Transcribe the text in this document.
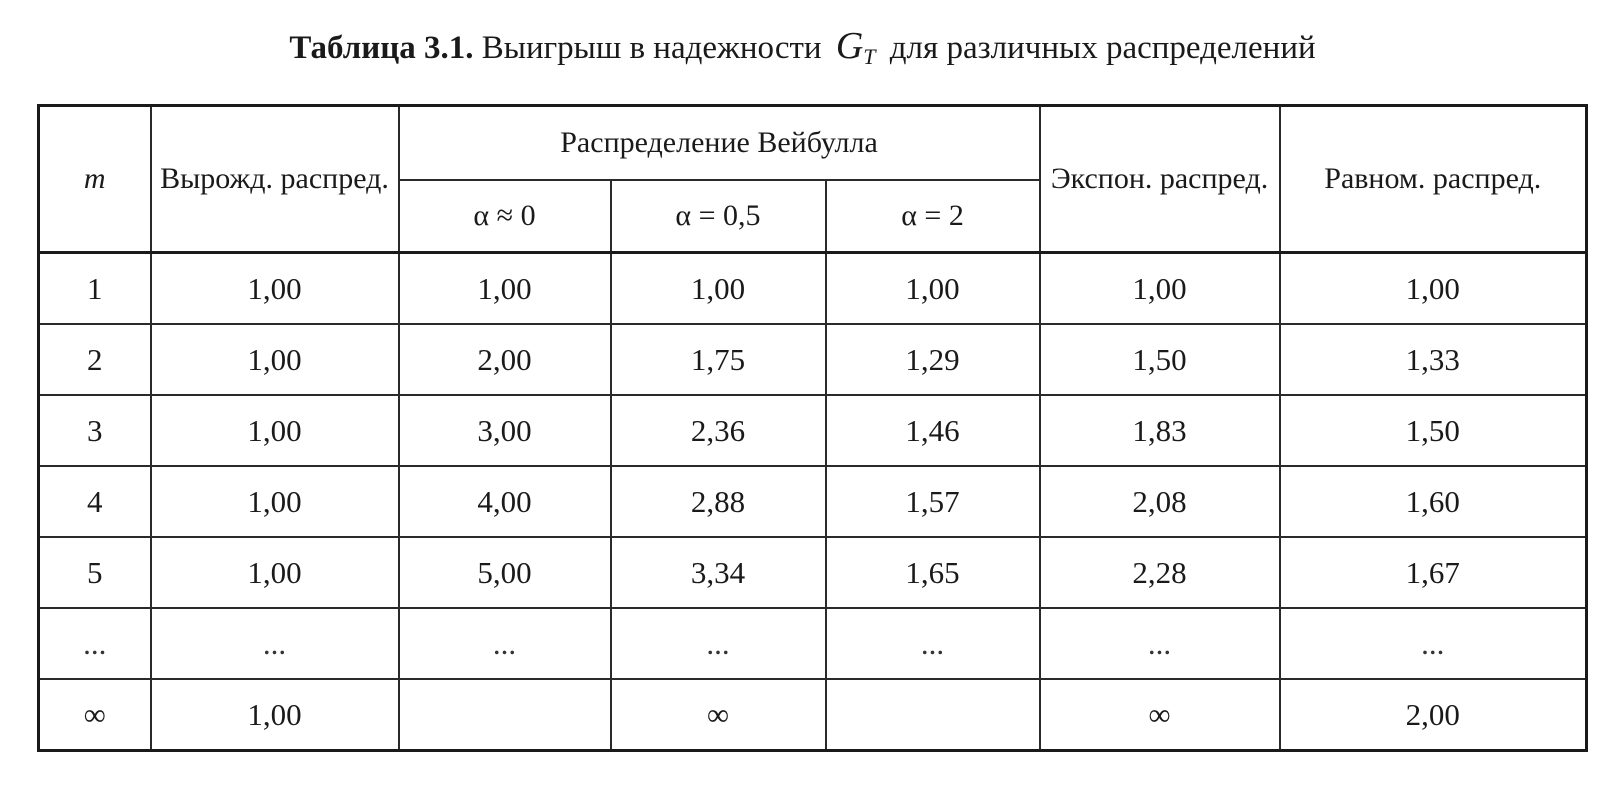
Таблица 3.1. Выигрыш в надежности $G_T$ для различных распределений
m	Вырожд. распред.	Распределение Вейбулла			Экспон. распред.	Равном. распред.
		α ≈ 0	α = 0,5	α = 2		
1	1,00	1,00	1,00	1,00	1,00	1,00
2	1,00	2,00	1,75	1,29	1,50	1,33
3	1,00	3,00	2,36	1,46	1,83	1,50
4	1,00	4,00	2,88	1,57	2,08	1,60
5	1,00	5,00	3,34	1,65	2,28	1,67
...	...	...	...	...	...	...
∞	1,00		∞		∞	2,00
